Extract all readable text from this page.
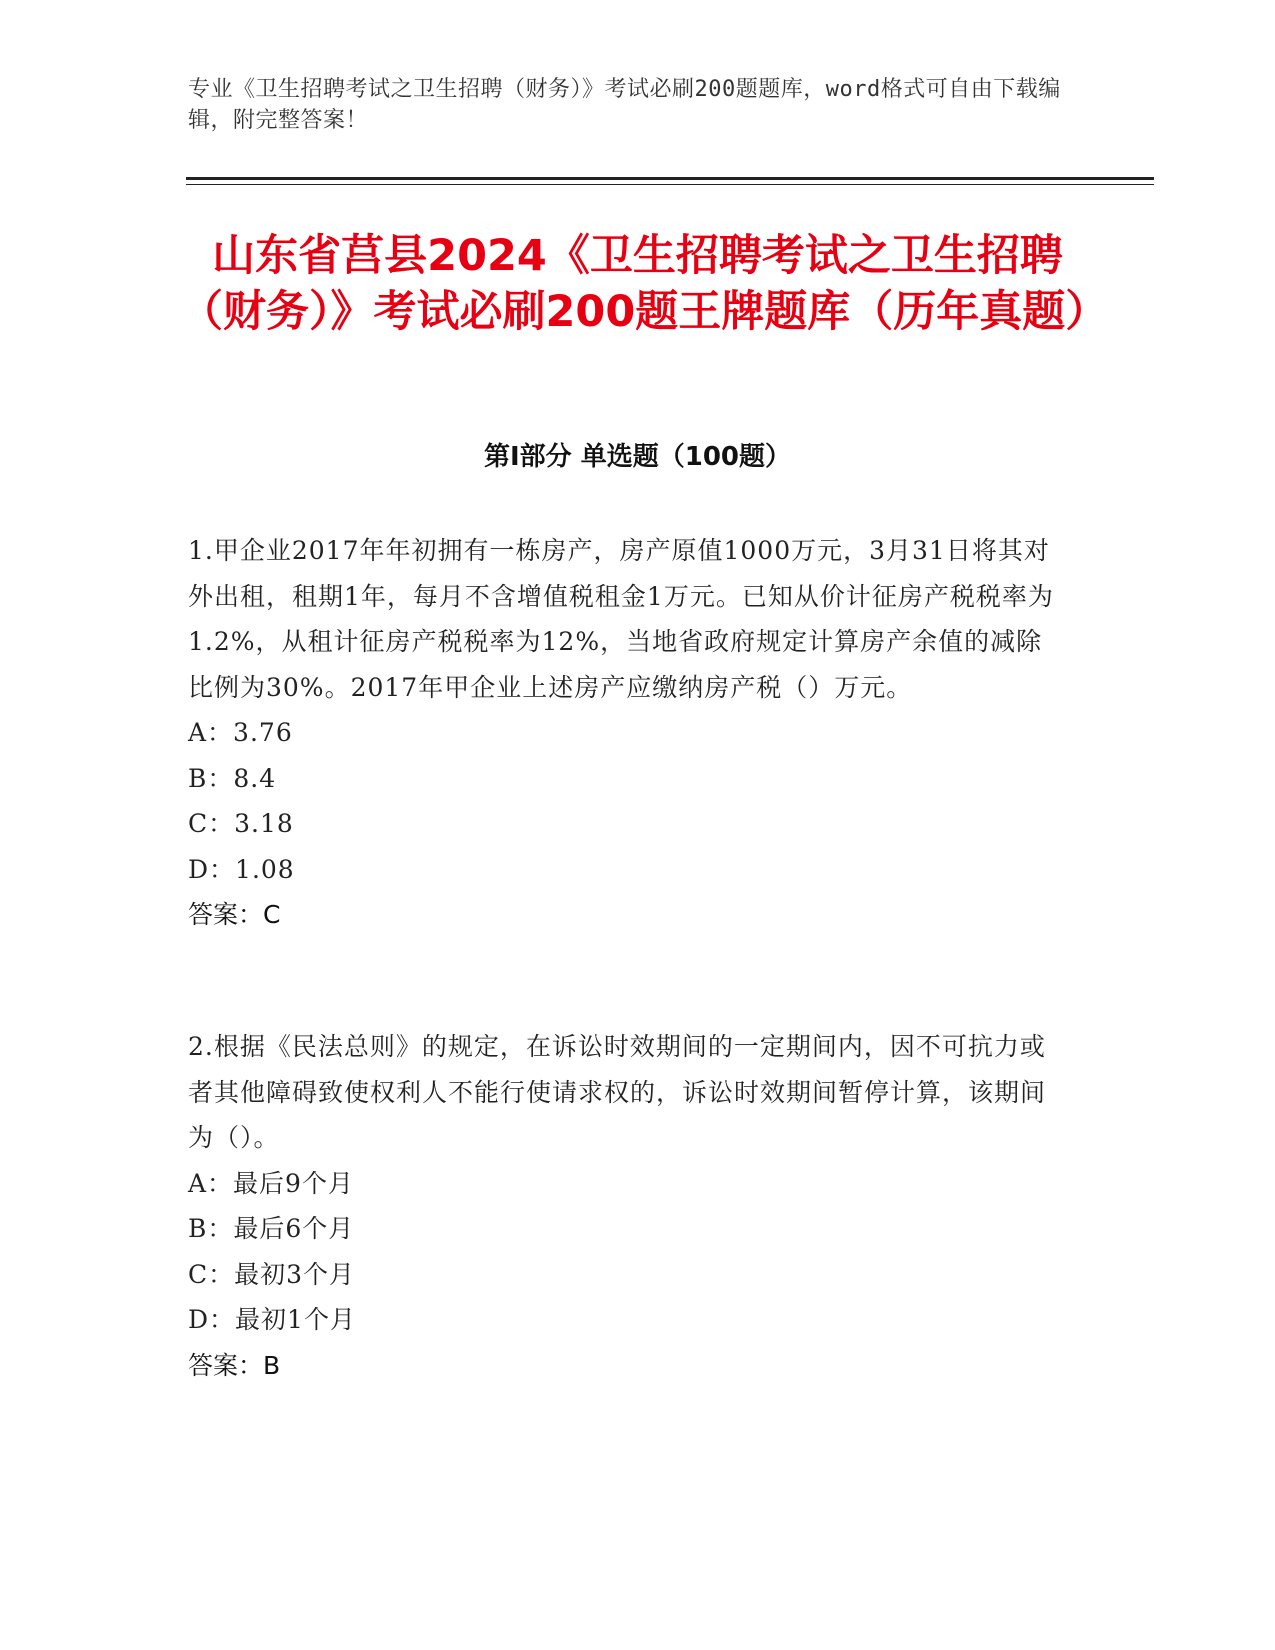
专业《卫生招聘考试之卫生招聘（财务）》考试必刷200题题库，word格式可自由下载编辑，附完整答案！
山东省莒县2024《卫生招聘考试之卫生招聘（财务）》考试必刷200题王牌题库（历年真题）
第I部分 单选题（100题）
1.甲企业2017年年初拥有一栋房产，房产原值1000万元，3月31日将其对外出租，租期1年，每月不含增值税租金1万元。已知从价计征房产税税率为1.2%，从租计征房产税税率为12%，当地省政府规定计算房产余值的减除比例为30%。2017年甲企业上述房产应缴纳房产税（）万元。
A：3.76
B：8.4
C：3.18
D：1.08
答案：C
2.根据《民法总则》的规定，在诉讼时效期间的一定期间内，因不可抗力或者其他障碍致使权利人不能行使请求权的，诉讼时效期间暂停计算，该期间为（）。
A：最后9个月
B：最后6个月
C：最初3个月
D：最初1个月
答案：B
